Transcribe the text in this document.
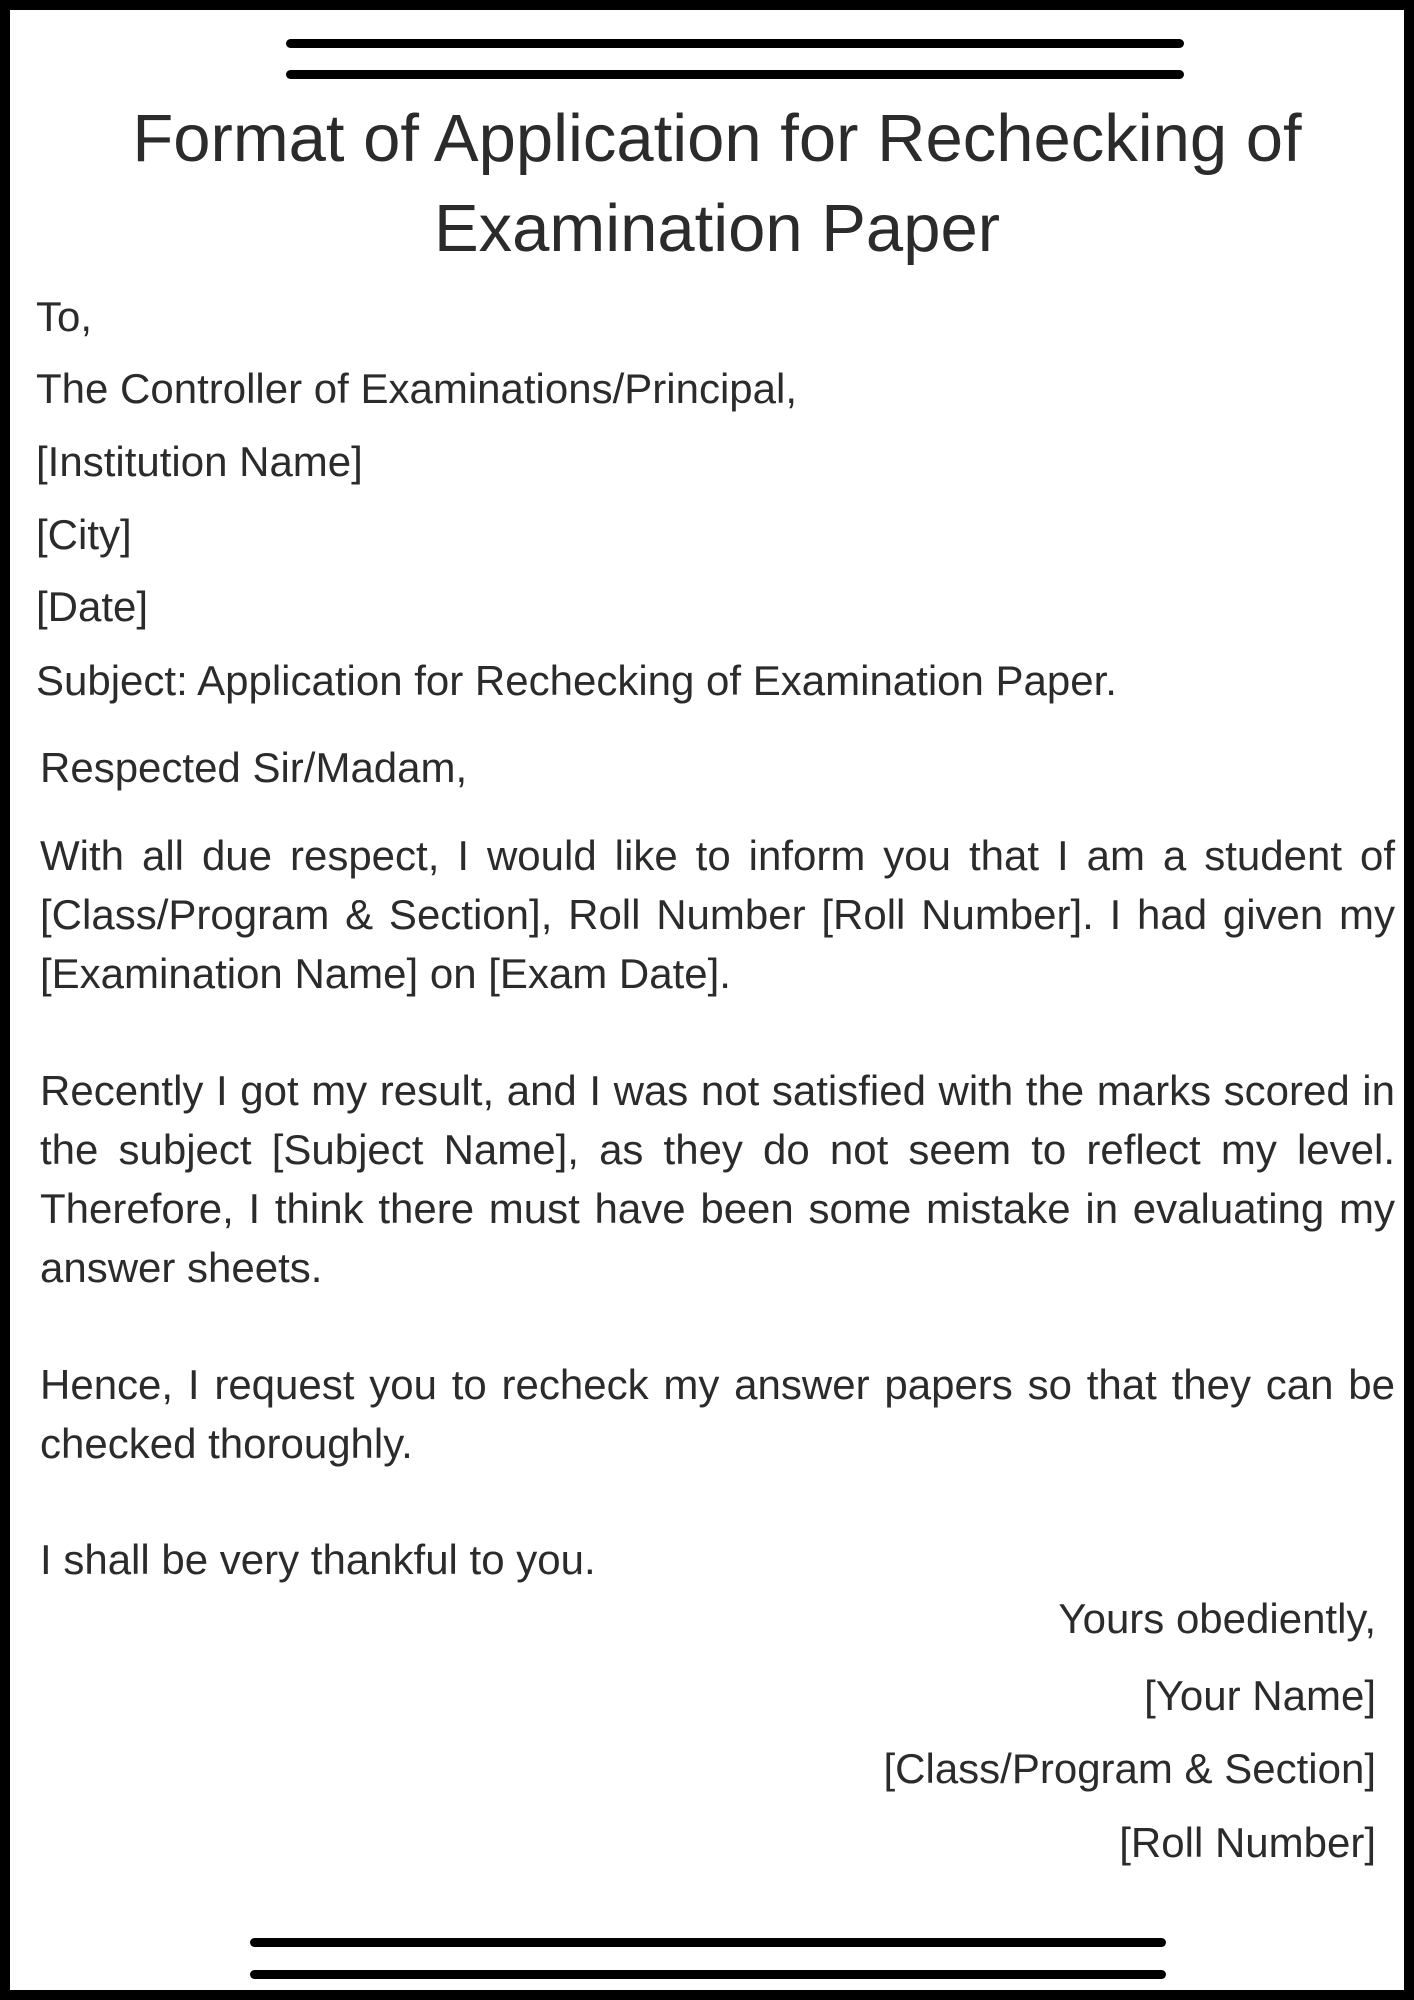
Format of Application for Rechecking of Examination Paper

To,

The Controller of Examinations/Principal,

[Institution Name]

[City]

[Date]

Subject: Application for Rechecking of Examination Paper.

Respected Sir/Madam,

With all due respect, I would like to inform you that I am a student of [Class/Program & Section], Roll Number [Roll Number]. I had given my [Examination Name] on [Exam Date].

Recently I got my result, and I was not satisfied with the marks scored in the subject [Subject Name], as they do not seem to reflect my level. Therefore, I think there must have been some mistake in evaluating my answer sheets.

Hence, I request you to recheck my answer papers so that they can be checked thoroughly.

I shall be very thankful to you.

Yours obediently,

[Your Name]

[Class/Program & Section]

[Roll Number]
